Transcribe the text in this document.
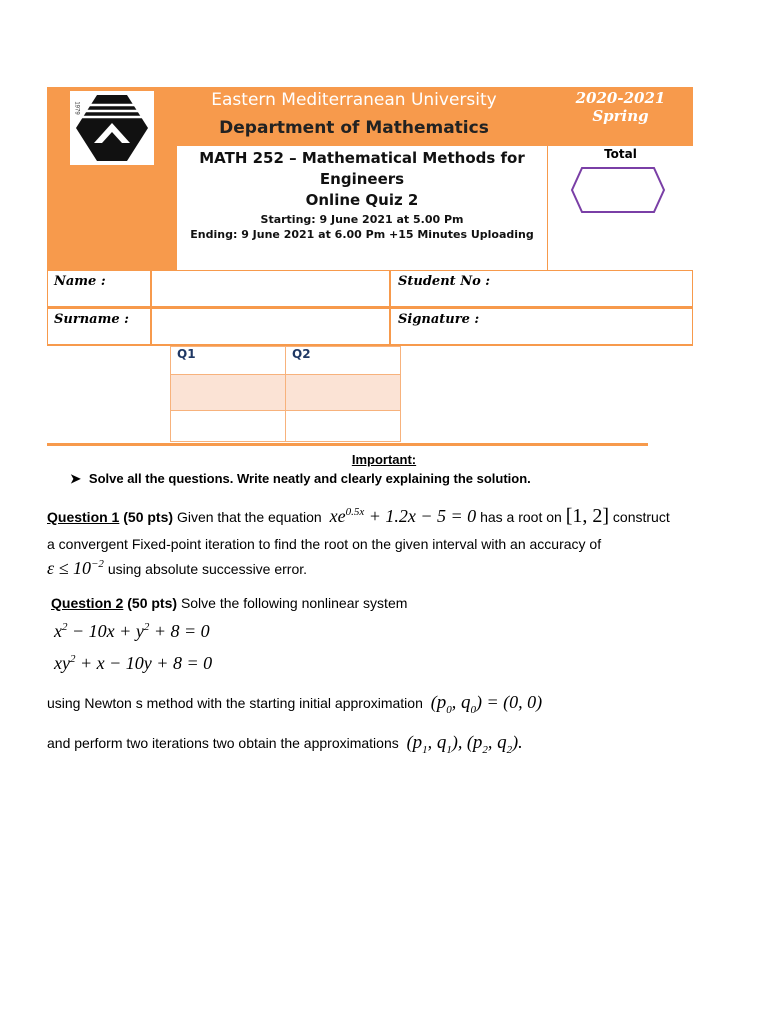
1979	Eastern Mediterranean University
Department of Mathematics
2020-2021 Spring
MATH 252 – Mathematical Methods for
Engineers
Online Quiz 2
Starting: 9 June 2021 at 5.00 Pm
Ending: 9 June 2021 at 6.00 Pm +15 Minutes Uploading
Total
Name :	Student No :
Surname :	Signature :
Q1	Q2

Important:
➤ Solve all the questions. Write neatly and clearly explaining the solution.
Question 1 (50 pts) Given that the equation $xe^{0.5x} + 1.2x - 5 = 0$ has a root on [1, 2] construct
a convergent Fixed-point iteration to find the root on the given interval with an accuracy of
$\varepsilon \le 10^{-2}$ using absolute successive error.
Question 2 (50 pts) Solve the following nonlinear system
$x^2 - 10x + y^2 + 8 = 0$
$xy^2 + x - 10y + 8 = 0$
using Newton s method with the starting initial approximation ($p_0$, $q_0) = (0$, 0)
and perform two iterations two obtain the approximations ($p_1$, $q_1$), ($p_2$, $q_2$).
